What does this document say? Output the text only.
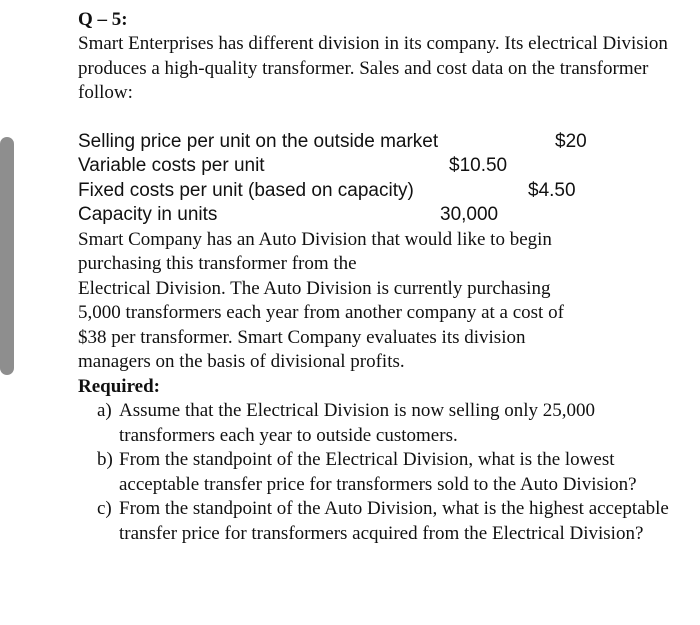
Q – 5:

Smart Enterprises has different division in its company. Its electrical Division produces a high-quality transformer. Sales and cost data on the transformer follow:

Selling price per unit on the outside market	$20
Variable costs per unit	$10.50
Fixed costs per unit (based on capacity)	$4.50
Capacity in units	30,000
Smart Company has an Auto Division that would like to begin
purchasing this transformer from the
Electrical Division. The Auto Division is currently purchasing
5,000 transformers each year from another company at a cost of
$38 per transformer. Smart Company evaluates its division
managers on the basis of divisional profits.
Required:
a) Assume that the Electrical Division is now selling only 25,000 transformers each year to outside customers.
b) From the standpoint of the Electrical Division, what is the lowest acceptable transfer price for transformers sold to the Auto Division?
c) From the standpoint of the Auto Division, what is the highest acceptable transfer price for transformers acquired from the Electrical Division?
